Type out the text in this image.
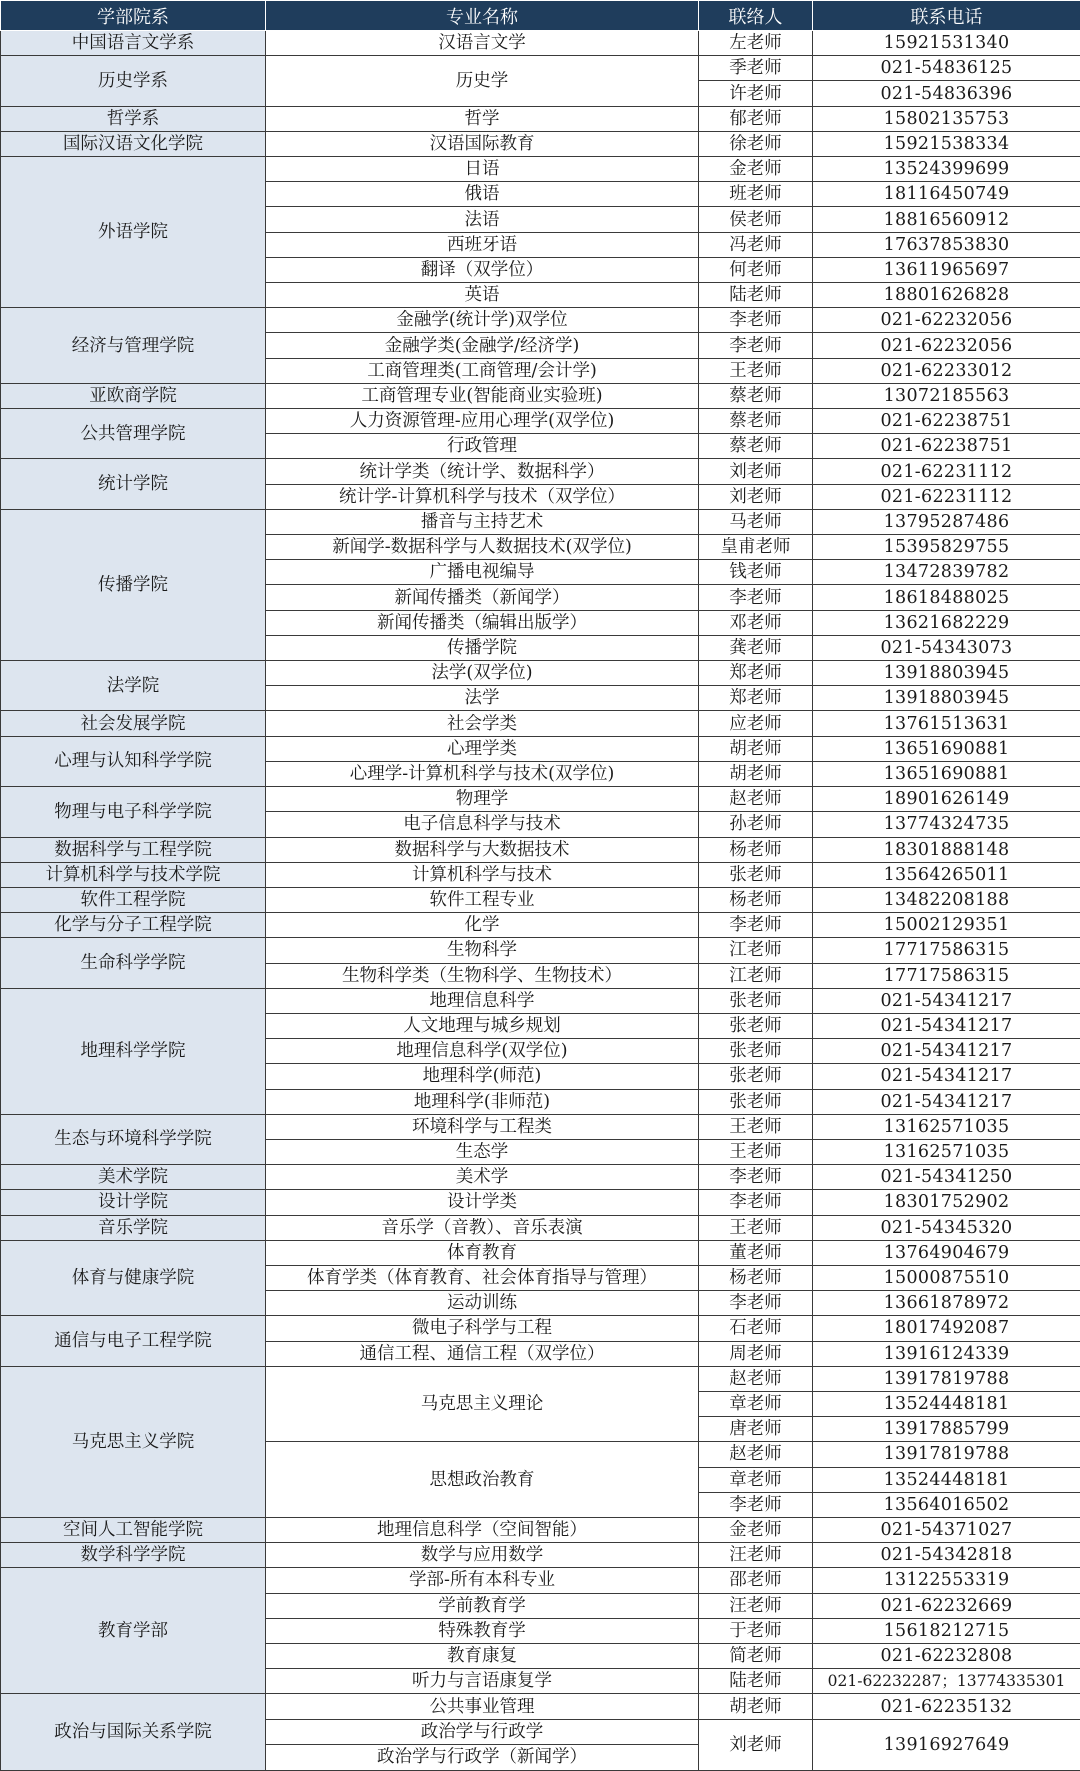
学部院系	专业名称	联络人	联系电话
中国语言文学系	汉语言文学	左老师	15921531340
历史学系	历史学	季老师	021-54836125
		许老师	021-54836396
哲学系	哲学	郁老师	15802135753
国际汉语文化学院	汉语国际教育	徐老师	15921538334
外语学院	日语	金老师	13524399699
	俄语	班老师	18116450749
	法语	侯老师	18816560912
	西班牙语	冯老师	17637853830
	翻译（双学位）	何老师	13611965697
	英语	陆老师	18801626828
经济与管理学院	金融学(统计学)双学位	李老师	021-62232056
	金融学类(金融学/经济学)	李老师	021-62232056
	工商管理类(工商管理/会计学)	王老师	021-62233012
亚欧商学院	工商管理专业(智能商业实验班)	蔡老师	13072185563
公共管理学院	人力资源管理-应用心理学(双学位)	蔡老师	021-62238751
	行政管理	蔡老师	021-62238751
统计学院	统计学类（统计学、数据科学）	刘老师	021-62231112
	统计学-计算机科学与技术（双学位）	刘老师	021-62231112
传播学院	播音与主持艺术	马老师	13795287486
	新闻学-数据科学与人数据技术(双学位)	皇甫老师	15395829755
	广播电视编导	钱老师	13472839782
	新闻传播类（新闻学）	李老师	18618488025
	新闻传播类（编辑出版学）	邓老师	13621682229
	传播学院	龚老师	021-54343073
法学院	法学(双学位)	郑老师	13918803945
	法学	郑老师	13918803945
社会发展学院	社会学类	应老师	13761513631
心理与认知科学学院	心理学类	胡老师	13651690881
	心理学-计算机科学与技术(双学位)	胡老师	13651690881
物理与电子科学学院	物理学	赵老师	18901626149
	电子信息科学与技术	孙老师	13774324735
数据科学与工程学院	数据科学与大数据技术	杨老师	18301888148
计算机科学与技术学院	计算机科学与技术	张老师	13564265011
软件工程学院	软件工程专业	杨老师	13482208188
化学与分子工程学院	化学	李老师	15002129351
生命科学学院	生物科学	江老师	17717586315
	生物科学类（生物科学、生物技术）	江老师	17717586315
地理科学学院	地理信息科学	张老师	021-54341217
	人文地理与城乡规划	张老师	021-54341217
	地理信息科学(双学位)	张老师	021-54341217
	地理科学(师范)	张老师	021-54341217
	地理科学(非师范)	张老师	021-54341217
生态与环境科学学院	环境科学与工程类	王老师	13162571035
	生态学	王老师	13162571035
美术学院	美术学	李老师	021-54341250
设计学院	设计学类	李老师	18301752902
音乐学院	音乐学（音教）、音乐表演	王老师	021-54345320
体育与健康学院	体育教育	董老师	13764904679
	体育学类（体育教育、社会体育指导与管理）	杨老师	15000875510
	运动训练	李老师	13661878972
通信与电子工程学院	微电子科学与工程	石老师	18017492087
	通信工程、通信工程（双学位）	周老师	13916124339
马克思主义学院	马克思主义理论	赵老师	13917819788
		章老师	13524448181
		唐老师	13917885799
	思想政治教育	赵老师	13917819788
		章老师	13524448181
		李老师	13564016502
空间人工智能学院	地理信息科学（空间智能）	金老师	021-54371027
数学科学学院	数学与应用数学	汪老师	021-54342818
教育学部	学部-所有本科专业	邵老师	13122553319
	学前教育学	汪老师	021-62232669
	特殊教育学	于老师	15618212715
	教育康复	简老师	021-62232808
	听力与言语康复学	陆老师	021-62232287；13774335301
政治与国际关系学院	公共事业管理	胡老师	021-62235132
	政治学与行政学	刘老师	13916927649
	政治学与行政学（新闻学）		
